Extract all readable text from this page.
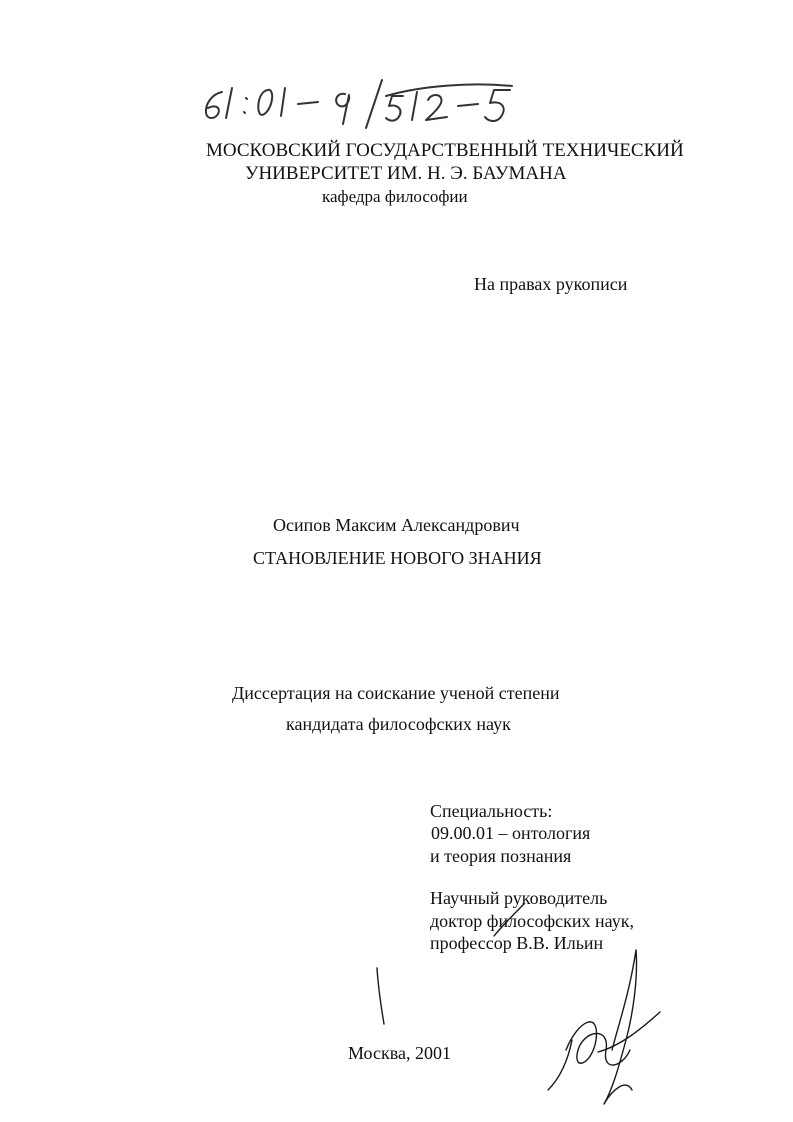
МОСКОВСКИЙ ГОСУДАРСТВЕННЫЙ ТЕХНИЧЕСКИЙ
УНИВЕРСИТЕТ ИМ. Н. Э. БАУМАНА
кафедра философии
На правах рукописи
Осипов Максим Александрович
СТАНОВЛЕНИЕ НОВОГО ЗНАНИЯ
Диссертация на соискание ученой степени
кандидата философских наук
Специальность:
09.00.01 – онтология
и теория познания
Научный руководитель
доктор философских наук,
профессор В.В. Ильин
Москва, 2001
